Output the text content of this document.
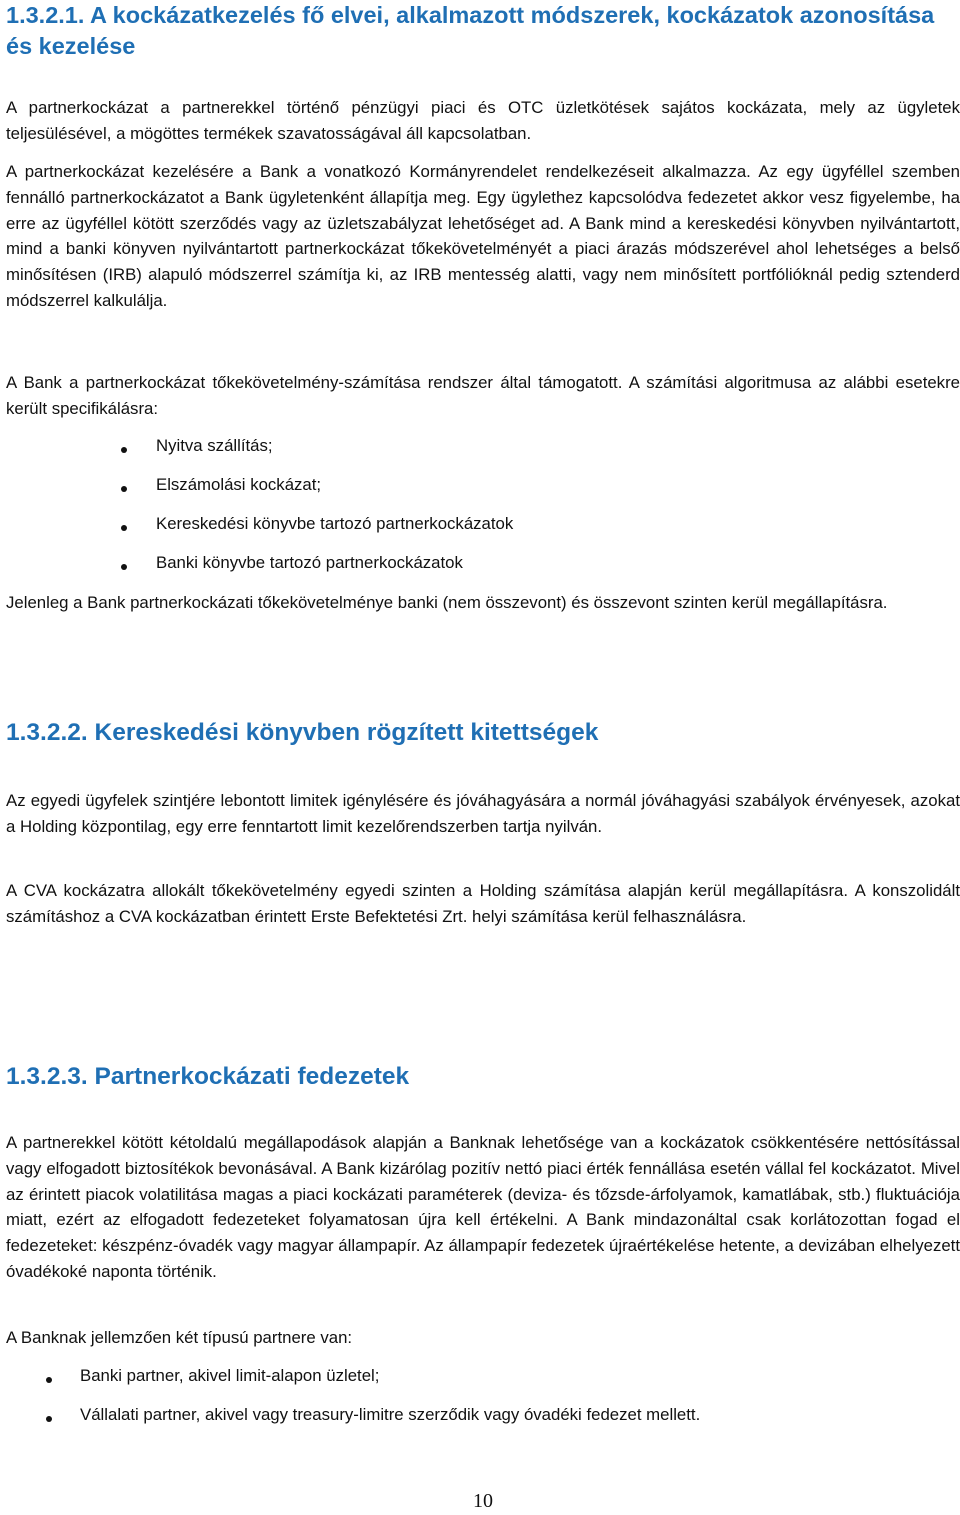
1.3.2.1. A kockázatkezelés fő elvei, alkalmazott módszerek, kockázatok azonosítása és kezelése

A partnerkockázat a partnerekkel történő pénzügyi piaci és OTC üzletkötések sajátos kockázata, mely az ügyletek teljesülésével, a mögöttes termékek szavatosságával áll kapcsolatban.

A partnerkockázat kezelésére a Bank a vonatkozó Kormányrendelet rendelkezéseit alkalmazza. Az egy ügyféllel szemben fennálló partnerkockázatot a Bank ügyletenként állapítja meg. Egy ügylethez kapcsolódva fedezetet akkor vesz figyelembe, ha erre az ügyféllel kötött szerződés vagy az üzletszabályzat lehetőséget ad. A Bank mind a kereskedési könyvben nyilvántartott, mind a banki könyven nyilvántartott partnerkockázat tőkekövetelményét a piaci árazás módszerével ahol lehetséges a belső minősítésen (IRB) alapuló módszerrel számítja ki, az IRB mentesség alatti, vagy nem minősített portfólióknál pedig sztenderd módszerrel kalkulálja.

A Bank a partnerkockázat tőkekövetelmény-számítása rendszer által támogatott. A számítási algoritmusa az alábbi esetekre került specifikálásra:

Nyitva szállítás;
Elszámolási kockázat;
Kereskedési könyvbe tartozó partnerkockázatok
Banki könyvbe tartozó partnerkockázatok

Jelenleg a Bank partnerkockázati tőkekövetelménye banki (nem összevont) és összevont szinten kerül megállapításra.

1.3.2.2. Kereskedési könyvben rögzített kitettségek

Az egyedi ügyfelek szintjére lebontott limitek igénylésére és jóváhagyására a normál jóváhagyási szabályok érvényesek, azokat a Holding központilag, egy erre fenntartott limit kezelőrendszerben tartja nyilván.

A CVA kockázatra allokált tőkekövetelmény egyedi szinten a Holding számítása alapján kerül megállapításra. A konszolidált számításhoz a CVA kockázatban érintett Erste Befektetési Zrt. helyi számítása kerül felhasználásra.

1.3.2.3. Partnerkockázati fedezetek

A partnerekkel kötött kétoldalú megállapodások alapján a Banknak lehetősége van a kockázatok csökkentésére nettósítással vagy elfogadott biztosítékok bevonásával. A Bank kizárólag pozitív nettó piaci érték fennállása esetén vállal fel kockázatot. Mivel az érintett piacok volatilitása magas a piaci kockázati paraméterek (deviza- és tőzsde-árfolyamok, kamatlábak, stb.) fluktuációja miatt, ezért az elfogadott fedezeteket folyamatosan újra kell értékelni. A Bank mindazonáltal csak korlátozottan fogad el fedezeteket: készpénz-óvadék vagy magyar állampapír. Az állampapír fedezetek újraértékelése hetente, a devizában elhelyezett óvadékoké naponta történik.

A Banknak jellemzően két típusú partnere van:

Banki partner, akivel limit-alapon üzletel;
Vállalati partner, akivel vagy treasury-limitre szerződik vagy óvadéki fedezet mellett.
10
